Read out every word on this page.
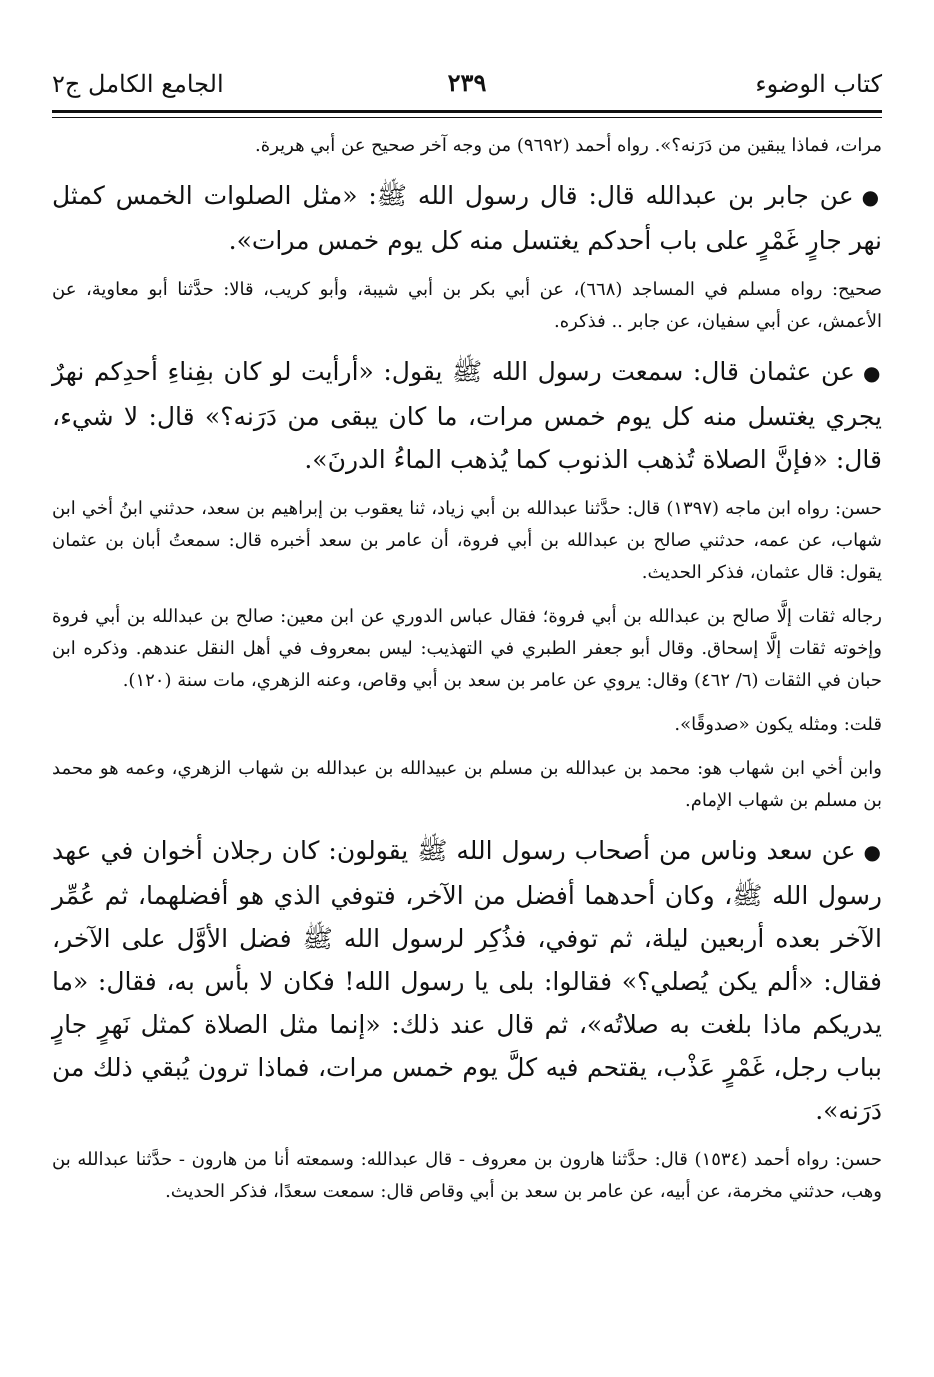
كتاب الوضوء
٢٣٩
الجامع الكامل ج٢

مرات، فماذا يبقين من دَرَنه؟». رواه أحمد (٩٦٩٢) من وجه آخر صحيح عن أبي هريرة.

●عن جابر بن عبدالله قال: قال رسول الله ﷺ: «مثل الصلوات الخمس كمثل نهر جارٍ غَمْرٍ على باب أحدكم يغتسل منه كل يوم خمس مرات».

صحيح: رواه مسلم في المساجد (٦٦٨)، عن أبي بكر بن أبي شيبة، وأبو كريب، قالا: حدَّثنا أبو معاوية، عن الأعمش، عن أبي سفيان، عن جابر .. فذكره.

●عن عثمان قال: سمعت رسول الله ﷺ يقول: «أرأيت لو كان بفِناءِ أحدِكم نهرٌ يجري يغتسل منه كل يوم خمس مرات، ما كان يبقى من دَرَنه؟» قال: لا شيء، قال: «فإنَّ الصلاة تُذهب الذنوب كما يُذهب الماءُ الدرنَ».

حسن: رواه ابن ماجه (١٣٩٧) قال: حدَّثنا عبدالله بن أبي زياد، ثنا يعقوب بن إبراهيم بن سعد، حدثني ابنُ أخي ابن شهاب، عن عمه، حدثني صالح بن عبدالله بن أبي فروة، أن عامر بن سعد أخبره قال: سمعتُ أبان بن عثمان يقول: قال عثمان، فذكر الحديث.

رجاله ثقات إلَّا صالح بن عبدالله بن أبي فروة؛ فقال عباس الدوري عن ابن معين: صالح بن عبدالله بن أبي فروة وإخوته ثقات إلَّا إسحاق. وقال أبو جعفر الطبري في التهذيب: ليس بمعروف في أهل النقل عندهم. وذكره ابن حبان في الثقات (٦/ ٤٦٢) وقال: يروي عن عامر بن سعد بن أبي وقاص، وعنه الزهري، مات سنة (١٢٠).

قلت: ومثله يكون «صدوقًا».

وابن أخي ابن شهاب هو: محمد بن عبدالله بن مسلم بن عبيدالله بن عبدالله بن شهاب الزهري، وعمه هو محمد بن مسلم بن شهاب الإمام.

●عن سعد وناس من أصحاب رسول الله ﷺ يقولون: كان رجلان أخوان في عهد رسول الله ﷺ، وكان أحدهما أفضل من الآخر، فتوفي الذي هو أفضلهما، ثم عُمِّر الآخر بعده أربعين ليلة، ثم توفي، فذُكِر لرسول الله ﷺ فضل الأوَّل على الآخر، فقال: «ألم يكن يُصلي؟» فقالوا: بلى يا رسول الله! فكان لا بأس به، فقال: «ما يدريكم ماذا بلغت به صلاتُه»، ثم قال عند ذلك: «إنما مثل الصلاة كمثل نَهرٍ جارٍ بباب رجل، غَمْرٍ عَذْب، يقتحم فيه كلَّ يوم خمس مرات، فماذا ترون يُبقي ذلك من دَرَنه».

حسن: رواه أحمد (١٥٣٤) قال: حدَّثنا هارون بن معروف - قال عبدالله: وسمعته أنا من هارون - حدَّثنا عبدالله بن وهب، حدثني مخرمة، عن أبيه، عن عامر بن سعد بن أبي وقاص قال: سمعت سعدًا، فذكر الحديث.
